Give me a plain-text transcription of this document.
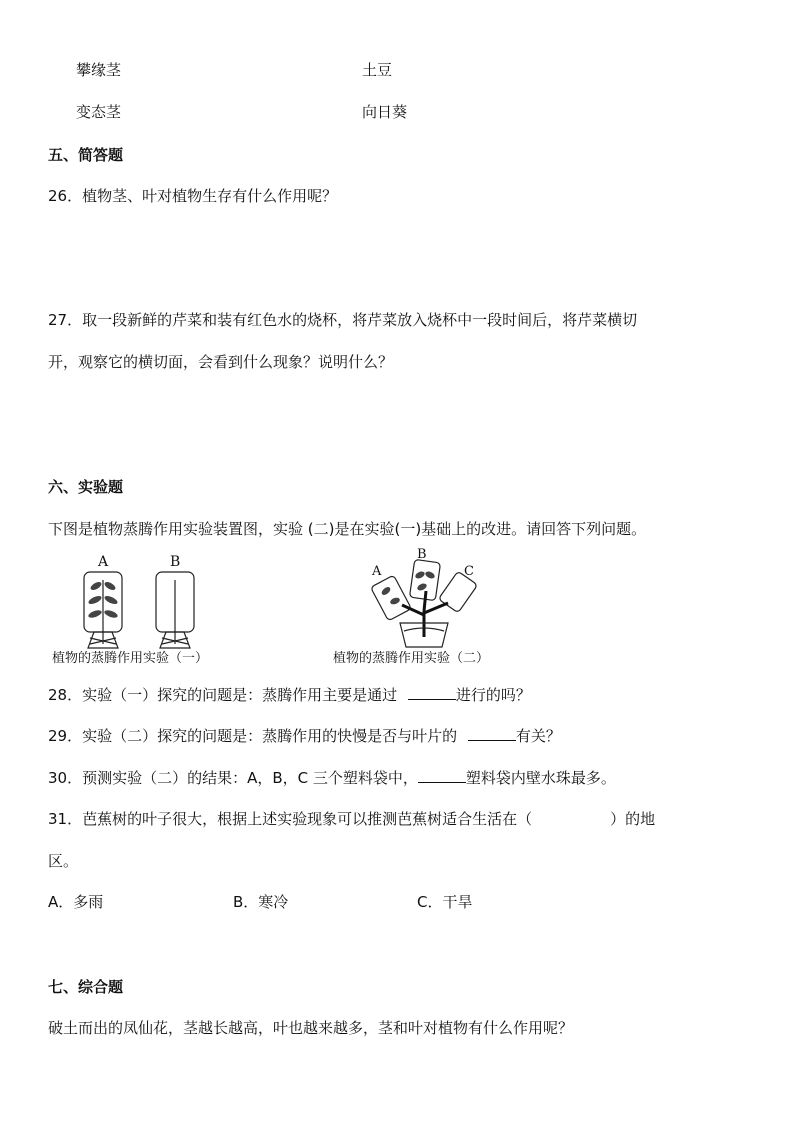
攀缘茎	土豆
变态茎	向日葵
五、简答题
26．植物茎、叶对植物生存有什么作用呢？
27．取一段新鲜的芹菜和装有红色水的烧杯，将芹菜放入烧杯中一段时间后，将芹菜横切
开，观察它的横切面，会看到什么现象？说明什么？
六、实验题
下图是植物蒸腾作用实验装置图，实验 (二)是在实验(一)基础上的改进。请回答下列问题。
A	B
植物的蒸腾作用实验（一）
A
B
C
植物的蒸腾作用实验（二）
28．实验（一）探究的问题是：蒸腾作用主要是通过	进行的吗？
29．实验（二）探究的问题是：蒸腾作用的快慢是否与叶片的	有关？
30．预测实验（二）的结果：A，B，C 三个塑料袋中，	塑料袋内壁水珠最多。
31．芭蕉树的叶子很大，根据上述实验现象可以推测芭蕉树适合生活在（	）的地
区。
A．多雨	B．寒冷	C．干旱
七、综合题
破土而出的凤仙花，茎越长越高，叶也越来越多，茎和叶对植物有什么作用呢？
